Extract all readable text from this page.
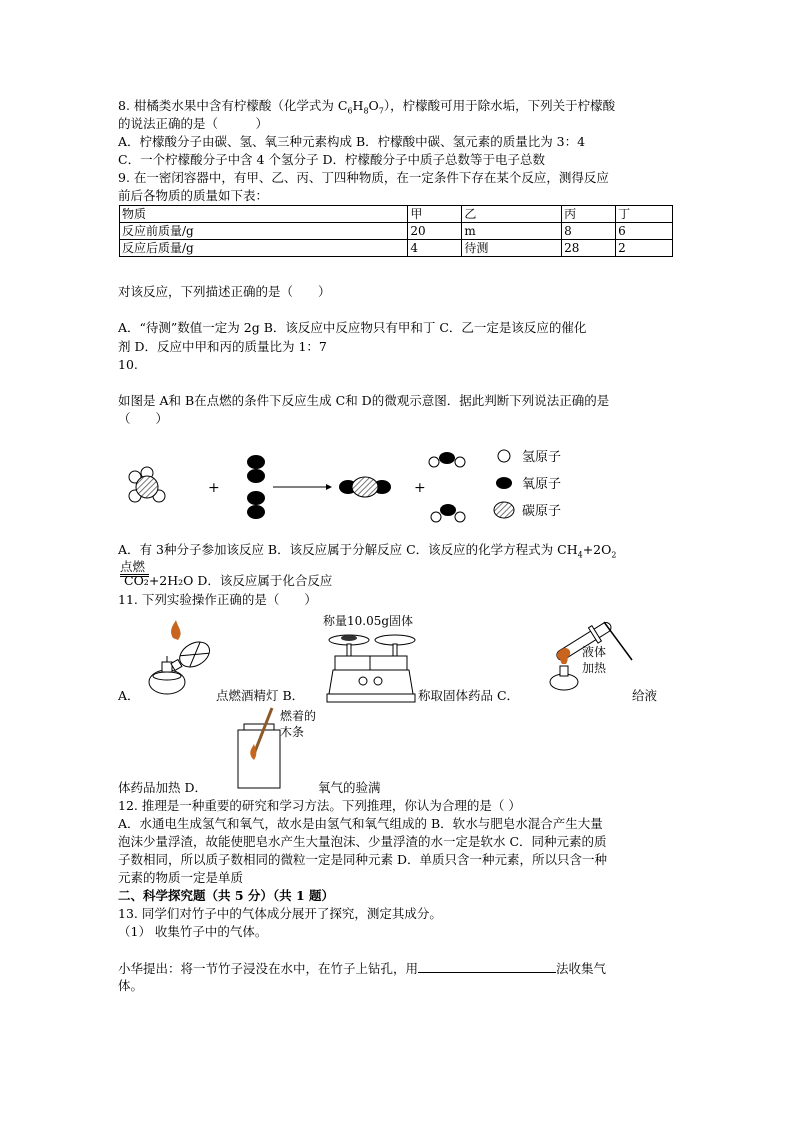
8. 柑橘类水果中含有柠檬酸（化学式为 $C_6H_8O_7$），柠檬酸可用于除水垢，下列关于柠檬酸
的说法正确的是（　　　）
A．柠檬酸分子由碳、氢、氧三种元素构成 B．柠檬酸中碳、氢元素的质量比为 3：4
C．一个柠檬酸分子中含 4 个氢分子 D．柠檬酸分子中质子总数等于电子总数
9. 在一密闭容器中，有甲、乙、丙、丁四种物质，在一定条件下存在某个反应，测得反应
前后各物质的质量如下表：
物质	甲	乙	丙	丁
反应前质量/g	20	m	8	6
反应后质量/g	4	待测	28	2
对该反应，下列描述正确的是（　　）
A．“待测”数值一定为 2g B．该反应中反应物只有甲和丁 C．乙一定是该反应的催化
剂 D．反应中甲和丙的质量比为 1：7
10.
如图是 A和 B在点燃的条件下反应生成 C和 D的微观示意图．据此判断下列说法正确的是
（　　）
+	+
氢原子
氧原子
碳原子
A．有 3种分子参加该反应 B．该反应属于分解反应 C．该反应的化学方程式为 $CH_4+2O_2$
点燃
CO₂+2H₂O D．该反应属于化合反应
11. 下列实验操作正确的是（　　）
称量10.05g固体
液体
加热
A．	点燃酒精灯 B．	称取固体药品 C．	给液
燃着的
木条
体药品加热 D．	氧气的验满
12. 推理是一种重要的研究和学习方法。下列推理，你认为合理的是（ ）
A．水通电生成氢气和氧气，故水是由氢气和氧气组成的 B．软水与肥皂水混合产生大量
泡沫少量浮渣，故能使肥皂水产生大量泡沫、少量浮渣的水一定是软水 C．同种元素的质
子数相同，所以质子数相同的微粒一定是同种元素 D．单质只含一种元素，所以只含一种
元素的物质一定是单质
二、科学探究题（共 5 分）（共 1 题）
13. 同学们对竹子中的气体成分展开了探究，测定其成分。
（1） 收集竹子中的气体。
小华提出：将一节竹子浸没在水中，在竹子上钻孔，用	法收集气
体。
